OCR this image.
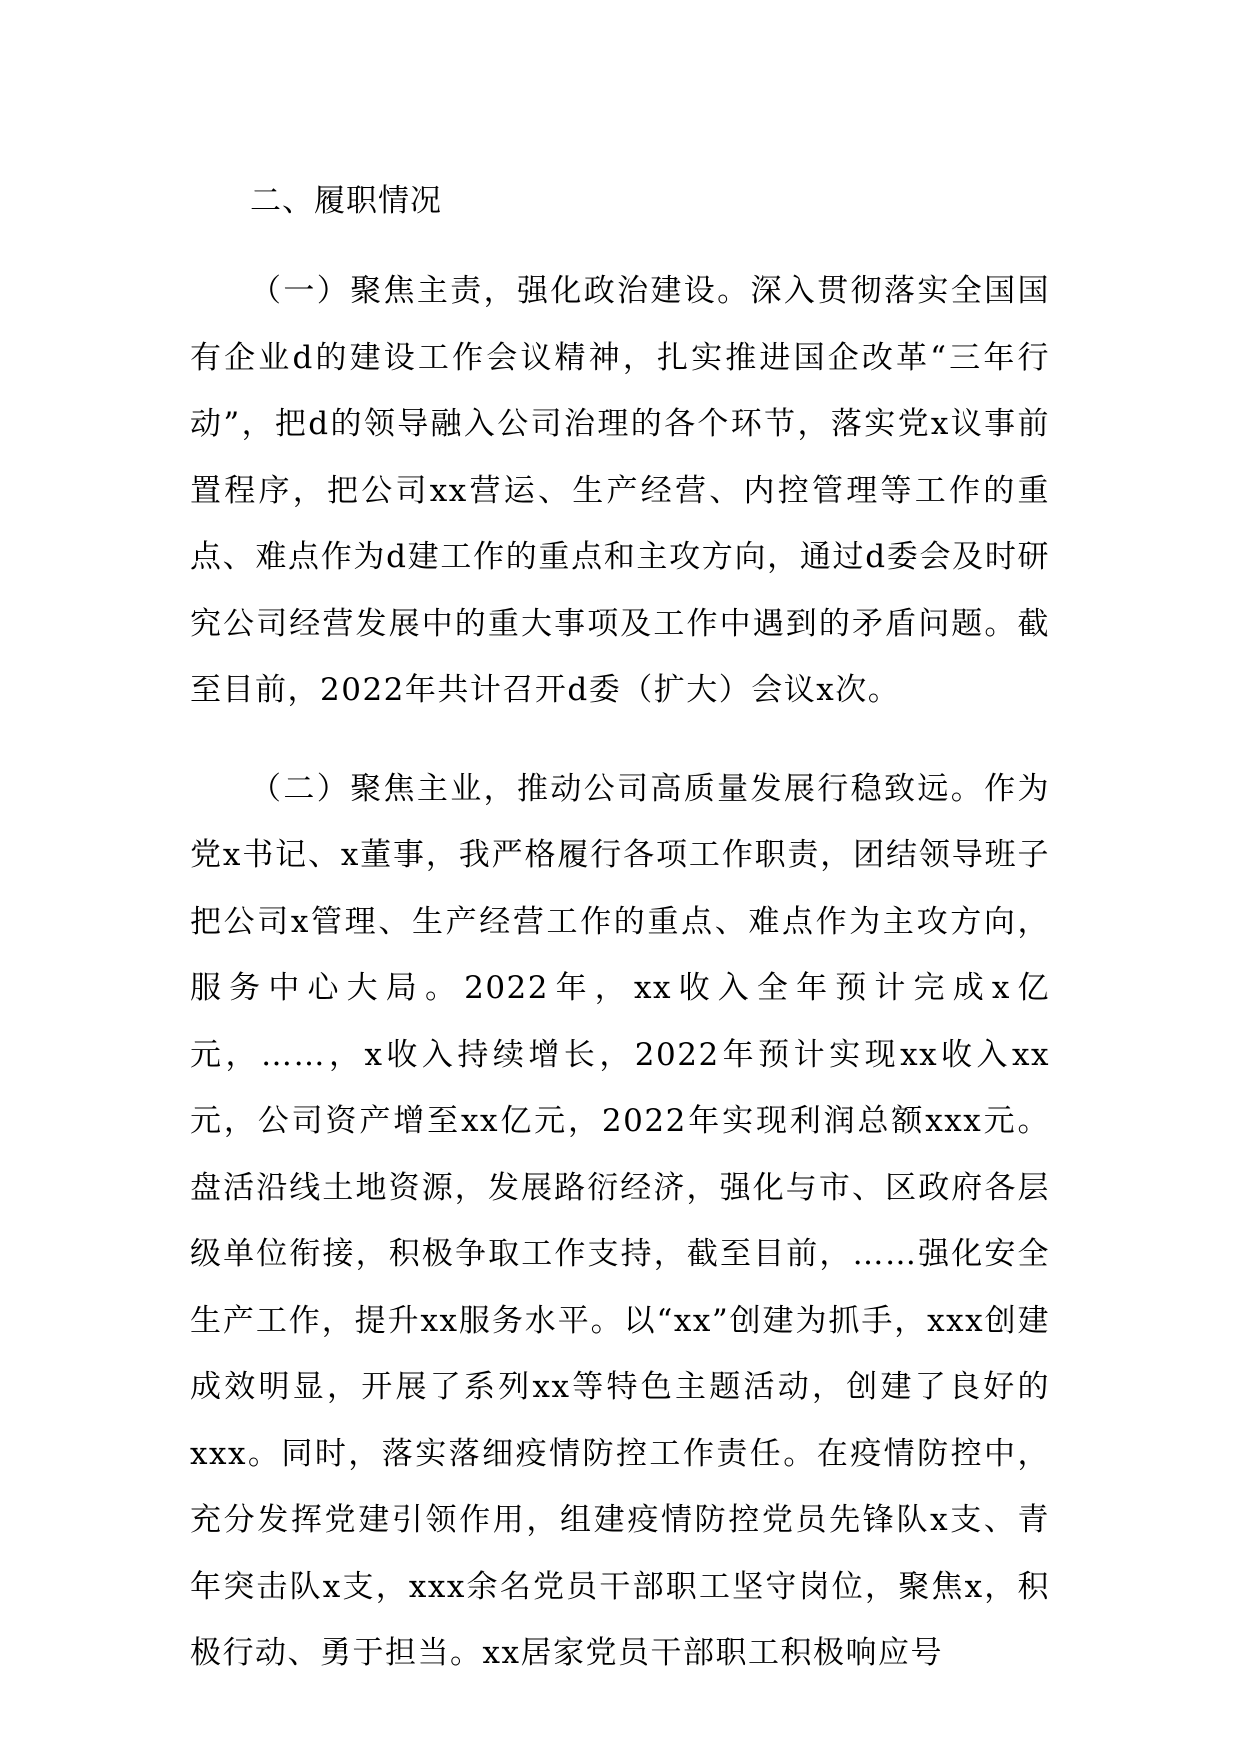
二、履职情况

（一）聚焦主责，强化政治建设。深入贯彻落实全国国有企业d的建设工作会议精神，扎实推进国企改革“三年行动”，把d的领导融入公司治理的各个环节，落实党x议事前置程序，把公司xx营运、生产经营、内控管理等工作的重点、难点作为d建工作的重点和主攻方向，通过d委会及时研究公司经营发展中的重大事项及工作中遇到的矛盾问题。截至目前，2022年共计召开d委（扩大）会议x次。

（二）聚焦主业，推动公司高质量发展行稳致远。作为党x书记、x董事，我严格履行各项工作职责，团结领导班子把公司x管理、生产经营工作的重点、难点作为主攻方向，服务中心大局。2022年，xx收入全年预计完成x亿元，……，x收入持续增长，2022年预计实现xx收入xx元，公司资产增至xx亿元，2022年实现利润总额xxx元。盘活沿线土地资源，发展路衍经济，强化与市、区政府各层级单位衔接，积极争取工作支持，截至目前，……强化安全生产工作，提升xx服务水平。以“xx”创建为抓手，xxx创建成效明显，开展了系列xx等特色主题活动，创建了良好的xxx。同时，落实落细疫情防控工作责任。在疫情防控中，充分发挥党建引领作用，组建疫情防控党员先锋队x支、青年突击队x支，xxx余名党员干部职工坚守岗位，聚焦x，积极行动、勇于担当。xx居家党员干部职工积极响应号
